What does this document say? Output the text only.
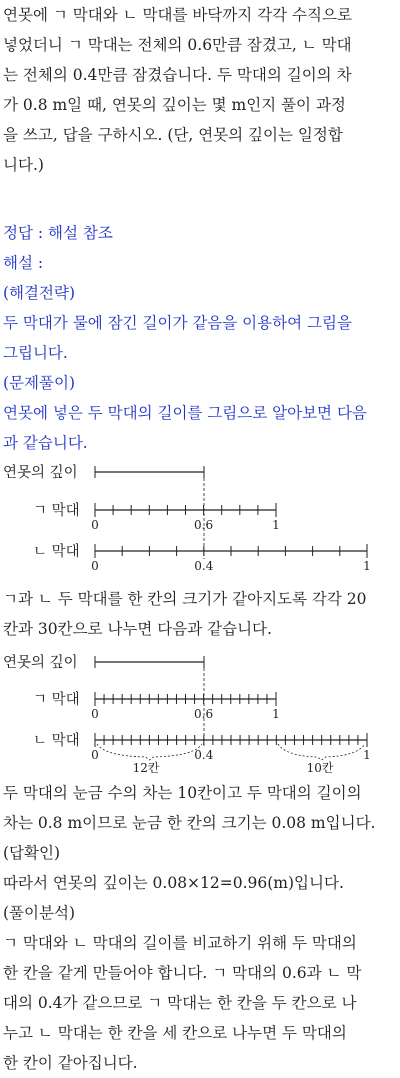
연못에 ㄱ 막대와 ㄴ 막대를 바닥까지 각각 수직으로
넣었더니 ㄱ 막대는 전체의 0.6만큼 잠겼고, ㄴ 막대
는 전체의 0.4만큼 잠겼습니다. 두 막대의 길이의 차
가 0.8 m일 때, 연못의 깊이는 몇 m인지 풀이 과정
을 쓰고, 답을 구하시오. (단, 연못의 깊이는 일정합
니다.)
정답 : 해설 참조
해설 :
(해결전략)
두 막대가 물에 잠긴 길이가 같음을 이용하여 그림을
그립니다.
(문제풀이)
연못에 넣은 두 막대의 길이를 그림으로 알아보면 다음
과 같습니다.
연못의 깊이
ㄱ 막대
0	0.6	1
ㄴ 막대
0	0.4	1
ㄱ과 ㄴ 두 막대를 한 칸의 크기가 같아지도록 각각 20
칸과 30칸으로 나누면 다음과 같습니다.
연못의 깊이
ㄱ 막대
0	0.6	1
ㄴ 막대
0	0.4	1
12칸	10칸
두 막대의 눈금 수의 차는 10칸이고 두 막대의 길이의
차는 0.8 m이므로 눈금 한 칸의 크기는 0.08 m입니다.
(답확인)
따라서 연못의 깊이는 0.08×12=0.96(m)입니다.
(풀이분석)
ㄱ 막대와 ㄴ 막대의 길이를 비교하기 위해 두 막대의
한 칸을 같게 만들어야 합니다. ㄱ 막대의 0.6과 ㄴ 막
대의 0.4가 같으므로 ㄱ 막대는 한 칸을 두 칸으로 나
누고 ㄴ 막대는 한 칸을 세 칸으로 나누면 두 막대의
한 칸이 같아집니다.
